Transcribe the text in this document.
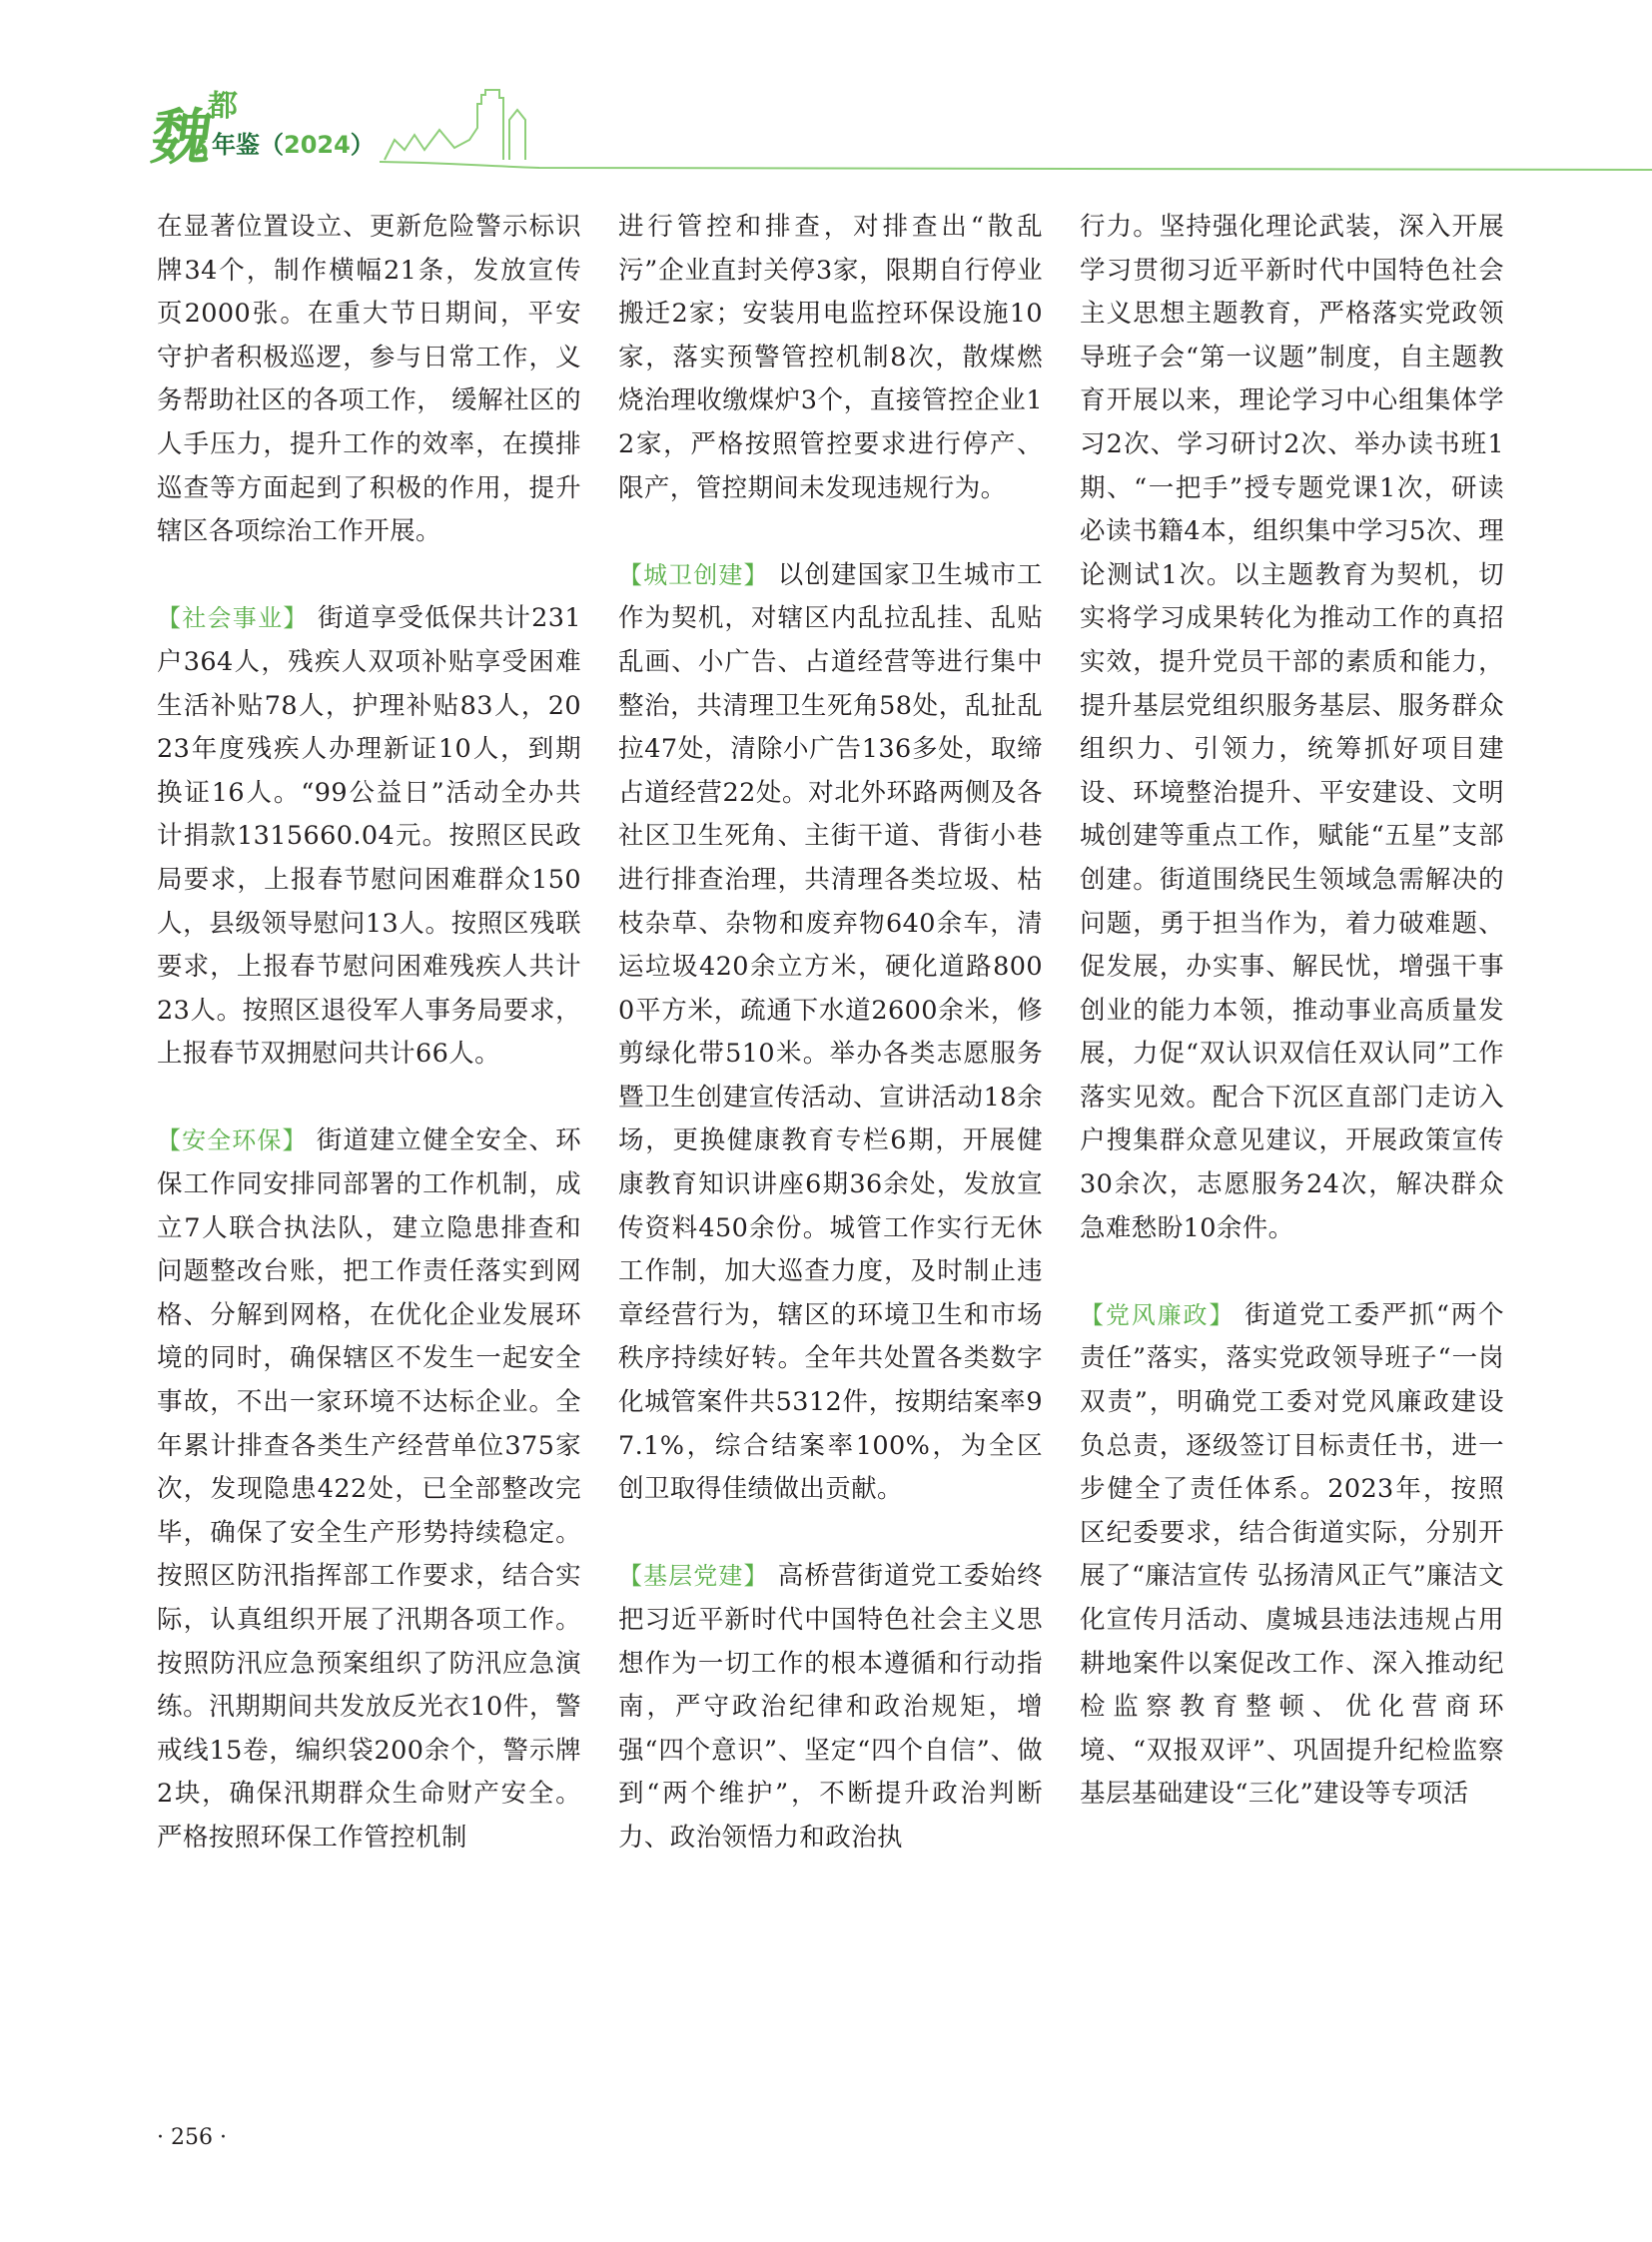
魏
都
年鉴（2024）

在显著位置设立、更新危险警示标识牌34个，制作横幅21条，发放宣传页2000张。在重大节日期间，平安守护者积极巡逻，参与日常工作，义务帮助社区的各项工作， 缓解社区的人手压力，提升工作的效率，在摸排巡查等方面起到了积极的作用，提升辖区各项综治工作开展。

【社会事业】 街道享受低保共计231户364人，残疾人双项补贴享受困难生活补贴78人，护理补贴83人，2023年度残疾人办理新证10人，到期换证16人。“99公益日”活动全办共计捐款1315660.04元。按照区民政局要求，上报春节慰问困难群众150人，县级领导慰问13人。按照区残联要求，上报春节慰问困难残疾人共计23人。按照区退役军人事务局要求，上报春节双拥慰问共计66人。

【安全环保】 街道建立健全安全、环保工作同安排同部署的工作机制，成立7人联合执法队，建立隐患排查和问题整改台账，把工作责任落实到网格、分解到网格，在优化企业发展环境的同时，确保辖区不发生一起安全事故，不出一家环境不达标企业。全年累计排查各类生产经营单位375家次，发现隐患422处，已全部整改完毕，确保了安全生产形势持续稳定。按照区防汛指挥部工作要求，结合实际，认真组织开展了汛期各项工作。按照防汛应急预案组织了防汛应急演练。汛期期间共发放反光衣10件，警戒线15卷，编织袋200余个，警示牌2块，确保汛期群众生命财产安全。严格按照环保工作管控机制

进行管控和排查，对排查出“散乱污”企业直封关停3家，限期自行停业搬迁2家；安装用电监控环保设施10家，落实预警管控机制8次，散煤燃烧治理收缴煤炉3个，直接管控企业12家，严格按照管控要求进行停产、限产，管控期间未发现违规行为。

【城卫创建】 以创建国家卫生城市工作为契机，对辖区内乱拉乱挂、乱贴乱画、小广告、占道经营等进行集中整治，共清理卫生死角58处，乱扯乱拉47处，清除小广告136多处，取缔占道经营22处。对北外环路两侧及各社区卫生死角、主街干道、背街小巷进行排查治理，共清理各类垃圾、枯枝杂草、杂物和废弃物640余车，清运垃圾420余立方米，硬化道路8000平方米，疏通下水道2600余米，修剪绿化带510米。举办各类志愿服务暨卫生创建宣传活动、宣讲活动18余场，更换健康教育专栏6期，开展健康教育知识讲座6期36余处，发放宣传资料450余份。城管工作实行无休工作制，加大巡查力度，及时制止违章经营行为，辖区的环境卫生和市场秩序持续好转。全年共处置各类数字化城管案件共5312件，按期结案率97.1%，综合结案率100%，为全区创卫取得佳绩做出贡献。

【基层党建】 高桥营街道党工委始终把习近平新时代中国特色社会主义思想作为一切工作的根本遵循和行动指南，严守政治纪律和政治规矩，增强“四个意识”、坚定“四个自信”、做到“两个维护”，不断提升政治判断力、政治领悟力和政治执

行力。坚持强化理论武装，深入开展学习贯彻习近平新时代中国特色社会主义思想主题教育，严格落实党政领导班子会“第一议题”制度，自主题教育开展以来，理论学习中心组集体学习2次、学习研讨2次、举办读书班1期、“一把手”授专题党课1次，研读必读书籍4本，组织集中学习5次、理论测试1次。以主题教育为契机，切实将学习成果转化为推动工作的真招实效，提升党员干部的素质和能力，提升基层党组织服务基层、服务群众组织力、引领力，统筹抓好项目建设、环境整治提升、平安建设、文明城创建等重点工作，赋能“五星”支部创建。街道围绕民生领域急需解决的问题，勇于担当作为，着力破难题、促发展，办实事、解民忧，增强干事创业的能力本领，推动事业高质量发展，力促“双认识双信任双认同”工作落实见效。配合下沉区直部门走访入户搜集群众意见建议，开展政策宣传30余次，志愿服务24次，解决群众急难愁盼10余件。

【党风廉政】 街道党工委严抓“两个责任”落实，落实党政领导班子“一岗双责”，明确党工委对党风廉政建设负总责，逐级签订目标责任书，进一步健全了责任体系。2023年，按照区纪委要求，结合街道实际，分别开展了“廉洁宣传 弘扬清风正气”廉洁文化宣传月活动、虞城县违法违规占用耕地案件以案促改工作、深入推动纪检监察教育整顿、优化营商环境、“双报双评”、巩固提升纪检监察基层基础建设“三化”建设等专项活

· 256 ·
